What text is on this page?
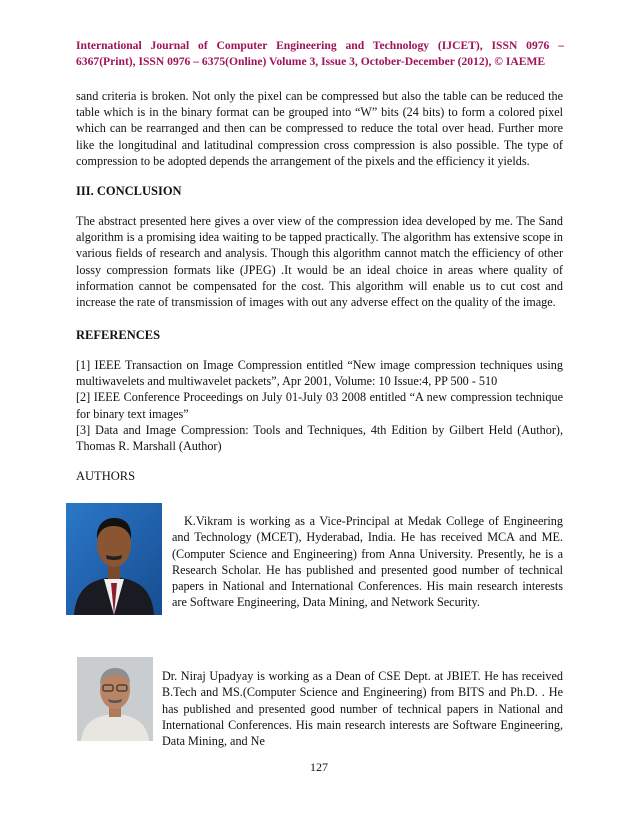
International Journal of Computer Engineering and Technology (IJCET), ISSN 0976 – 6367(Print), ISSN 0976 – 6375(Online) Volume 3, Issue 3, October-December (2012), © IAEME

sand criteria is broken. Not only the pixel can be compressed but also the table can be reduced the table which is in the binary format can be grouped into “W” bits (24 bits) to form a colored pixel which can be rearranged and then can be compressed to reduce the total over head. Further more like the longitudinal and latitudinal compression cross compression is also possible. The type of compression to be adopted depends the arrangement of the pixels and the efficiency it yields.

III. CONCLUSION

The abstract presented here gives a over view of the compression idea developed by me. The Sand algorithm is a promising idea waiting to be tapped practically. The algorithm has extensive scope in various fields of research and analysis. Though this algorithm cannot match the efficiency of other lossy compression formats like (JPEG) .It would be an ideal choice in areas where quality of information cannot be compensated for the cost. This algorithm will enable us to cut cost and increase the rate of transmission of images with out any adverse effect on the quality of the image.

REFERENCES
[1] IEEE Transaction on Image Compression entitled “New image compression techniques using multiwavelets and multiwavelet packets”, Apr 2001, Volume: 10 Issue:4, PP 500 - 510
[2] IEEE Conference Proceedings on July 01-July 03 2008 entitled “A new compression technique for binary text images”
[3] Data and Image Compression: Tools and Techniques, 4th Edition by Gilbert Held (Author), Thomas R. Marshall (Author)
AUTHORS
K.Vikram is working as a Vice-Principal at Medak College of Engineering and Technology (MCET), Hyderabad, India. He has received MCA and ME.(Computer Science and Engineering) from Anna University. Presently, he is a Research Scholar. He has published and presented good number of technical papers in National and International Conferences. His main research interests are Software Engineering, Data Mining, and Network Security.
Dr. Niraj Upadyay is working as a Dean of CSE Dept. at JBIET. He has received B.Tech and MS.(Computer Science and Engineering) from BITS and Ph.D. . He has published and presented good number of technical papers in National and International Conferences. His main research interests are Software Engineering, Data Mining, and Ne
127
